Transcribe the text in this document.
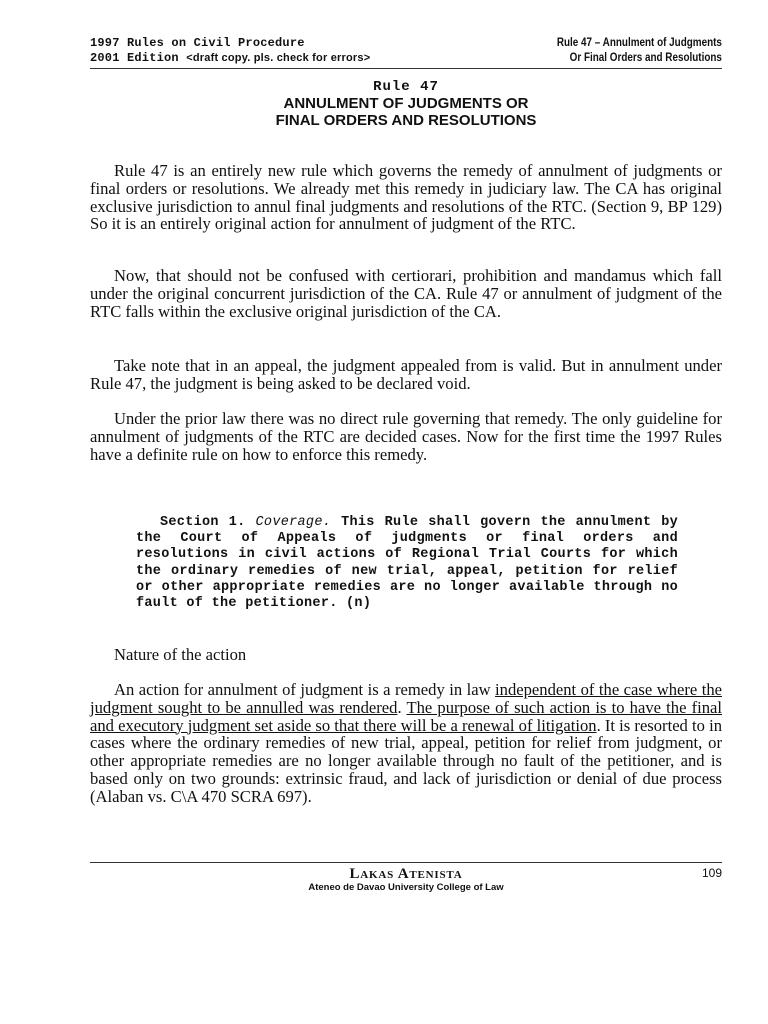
1997 Rules on Civil Procedure
2001 Edition <draft copy. pls. check for errors>
Rule 47 – Annulment of Judgments
Or Final Orders and Resolutions
Rule 47
ANNULMENT OF JUDGMENTS OR
FINAL ORDERS AND RESOLUTIONS

Rule 47 is an entirely new rule which governs the remedy of annulment of judgments or final orders or resolutions. We already met this remedy in judiciary law. The CA has original exclusive jurisdiction to annul final judgments and resolutions of the RTC. (Section 9, BP 129) So it is an entirely original action for annulment of judgment of the RTC.

Now, that should not be confused with certiorari, prohibition and mandamus which fall under the original concurrent jurisdiction of the CA. Rule 47 or annulment of judgment of the RTC falls within the exclusive original jurisdiction of the CA.

Take note that in an appeal, the judgment appealed from is valid. But in annulment under Rule 47, the judgment is being asked to be declared void.

Under the prior law there was no direct rule governing that remedy. The only guideline for annulment of judgments of the RTC are decided cases. Now for the first time the 1997 Rules have a definite rule on how to enforce this remedy.

Section 1. Coverage. This Rule shall govern the annulment by the Court of Appeals of judgments or final orders and resolutions in civil actions of Regional Trial Courts for which the ordinary remedies of new trial, appeal, petition for relief or other appropriate remedies are no longer available through no fault of the petitioner. (n)

Nature of the action

An action for annulment of judgment is a remedy in law independent of the case where the judgment sought to be annulled was rendered. The purpose of such action is to have the final and executory judgment set aside so that there will be a renewal of litigation. It is resorted to in cases where the ordinary remedies of new trial, appeal, petition for relief from judgment, or other appropriate remedies are no longer available through no fault of the petitioner, and is based only on two grounds: extrinsic fraud, and lack of jurisdiction or denial of due process (Alaban vs. C\A 470 SCRA 697).

Lakas Atenista
Ateneo de Davao University College of Law
109
